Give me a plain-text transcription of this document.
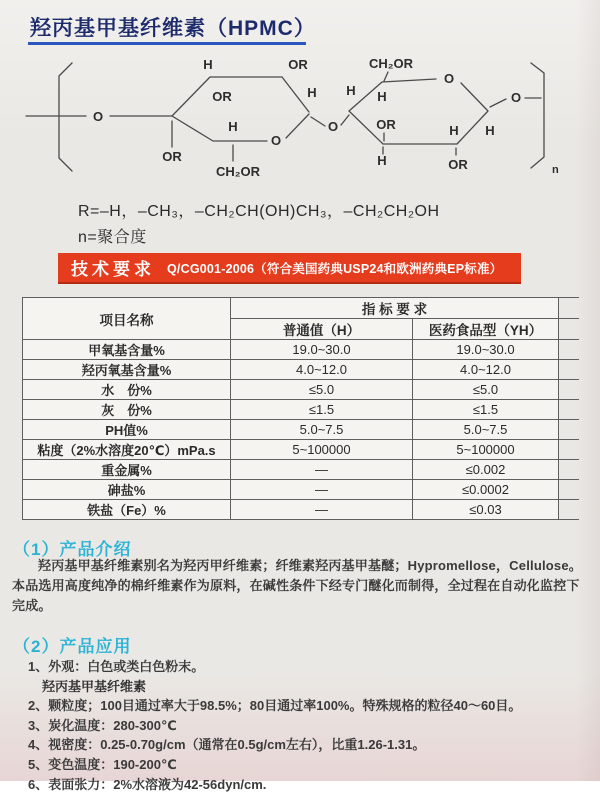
羟丙基甲基纤维素（HPMC）
O
O
H	OR
OR	H
OR
H
CH₂OR
O
H
O
CH₂OR
H
OR
H
H
OR
H
O
n
R=–H，–CH₃，–CH₂CH(OH)CH₃，–CH₂CH₂OH
n=聚合度
技术要求 Q/CG001-2006（符合美国药典USP24和欧洲药典EP标准）
项目名称	指 标 要 求		
	普通值（H）	医药食品型（YH）	
甲氧基含量%	19.0~30.0	19.0~30.0	
羟丙氧基含量%	4.0~12.0	4.0~12.0	
水　份%	≤5.0	≤5.0	
灰　份%	≤1.5	≤1.5	
PH值%	5.0~7.5	5.0~7.5	
粘度（2%水溶度20℃）mPa.s	5~100000	5~100000	
重金属%	—	≤0.002	
砷盐%	—	≤0.0002	
铁盐（Fe）%	—	≤0.03	
（1）产品介绍
羟丙基甲基纤维素别名为羟丙甲纤维素；纤维素羟丙基甲基醚；Hypromellose，Cellulose。本品选用高度纯净的棉纤维素作为原料，在碱性条件下经专门醚化而制得，全过程在自动化监控下完成。
（2）产品应用
1、外观：白色或类白色粉末。
羟丙基甲基纤维素
2、颗粒度；100目通过率大于98.5%；80目通过率100%。特殊规格的粒径40～60目。
3、炭化温度：280-300℃
4、视密度：0.25-0.70g/cm（通常在0.5g/cm左右），比重1.26-1.31。
5、变色温度：190-200℃
6、表面张力：2%水溶液为42-56dyn/cm.
